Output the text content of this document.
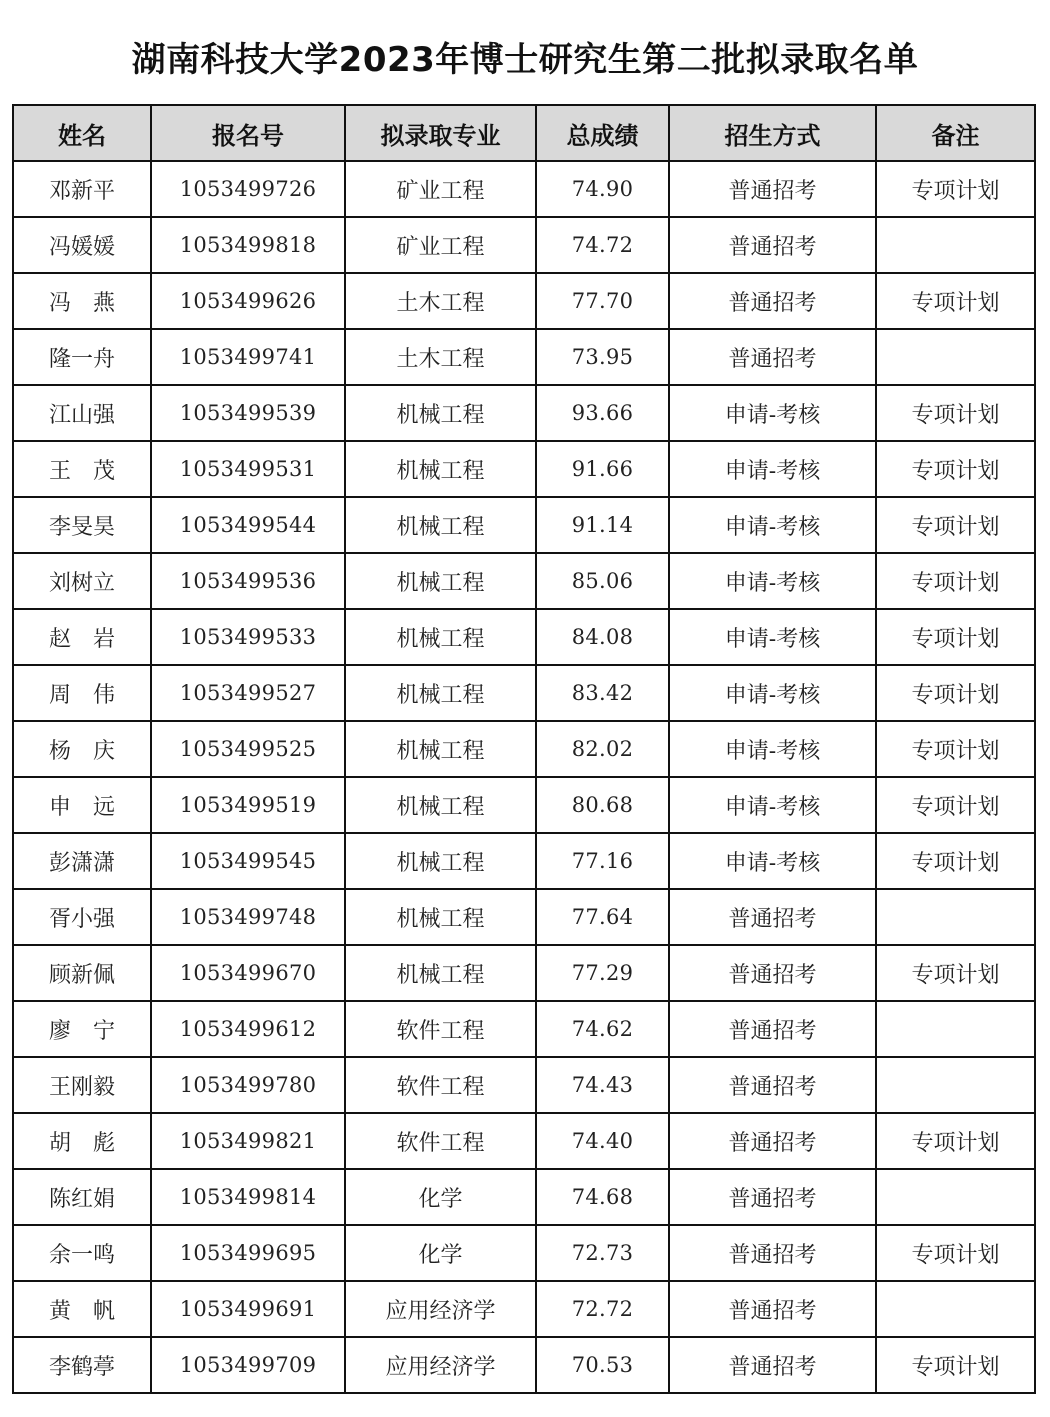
湖南科技大学2023年博士研究生第二批拟录取名单
姓名	报名号	拟录取专业	总成绩	招生方式	备注
邓新平	1053499726	矿业工程	74.90	普通招考	专项计划
冯媛媛	1053499818	矿业工程	74.72	普通招考	
冯　燕	1053499626	土木工程	77.70	普通招考	专项计划
隆一舟	1053499741	土木工程	73.95	普通招考	
江山强	1053499539	机械工程	93.66	申请-考核	专项计划
王　茂	1053499531	机械工程	91.66	申请-考核	专项计划
李旻昊	1053499544	机械工程	91.14	申请-考核	专项计划
刘树立	1053499536	机械工程	85.06	申请-考核	专项计划
赵　岩	1053499533	机械工程	84.08	申请-考核	专项计划
周　伟	1053499527	机械工程	83.42	申请-考核	专项计划
杨　庆	1053499525	机械工程	82.02	申请-考核	专项计划
申　远	1053499519	机械工程	80.68	申请-考核	专项计划
彭潇潇	1053499545	机械工程	77.16	申请-考核	专项计划
胥小强	1053499748	机械工程	77.64	普通招考	
顾新佩	1053499670	机械工程	77.29	普通招考	专项计划
廖　宁	1053499612	软件工程	74.62	普通招考	
王刚毅	1053499780	软件工程	74.43	普通招考	
胡　彪	1053499821	软件工程	74.40	普通招考	专项计划
陈红娟	1053499814	化学	74.68	普通招考	
余一鸣	1053499695	化学	72.73	普通招考	专项计划
黄　帆	1053499691	应用经济学	72.72	普通招考	
李鹤葶	1053499709	应用经济学	70.53	普通招考	专项计划
